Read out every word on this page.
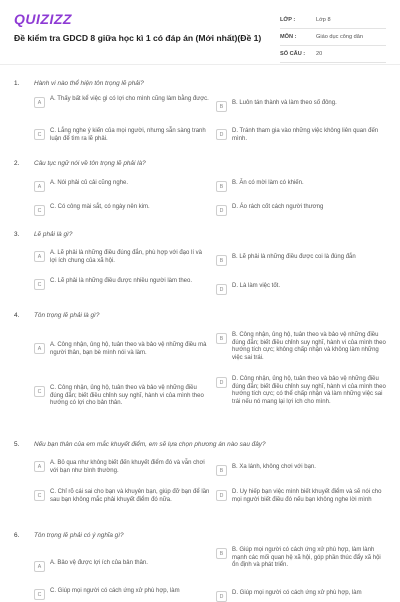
QUIZIZZ
Đề kiểm tra GDCD 8 giữa học kì 1 có đáp án (Mới nhất)(Đề 1)
LỚP :	Lớp 8
MÔN :	Giáo dục công dân
SỐ CÂU :	20
1. Hành vi nào thể hiện tôn trọng lẽ phải?
A
A. Thấy bất kể việc gì có lợi cho mình cũng làm bằng được.
B
B. Luôn tán thành và làm theo số đông.
C
C. Lắng nghe ý kiến của mọi người, nhưng sẵn sàng tranh luận để tìm ra lẽ phải.
D
D. Tránh tham gia vào những việc không liên quan đến mình.
2. Câu tục ngữ nói về tôn trọng lẽ phải là?
A
A. Nói phải củ cải cũng nghe.
B
B. Ăn có mời làm có khiến.
C
C. Có công mài sắt, có ngày nên kim.
D
D. Áo rách cốt cách người thương
3. Lẽ phải là gì?
A
A. Lẽ phải là những điều đúng đắn, phù hợp với đạo lí và lợi ích chung của xã hội.	B
B. Lẽ phải là những điều được coi là đúng đắn
C
C. Lẽ phải là những điều được nhiều người làm theo.
D
D. Là làm việc tốt.
4. Tôn trọng lẽ phải là gì?
A
A. Công nhận, ủng hộ, tuân theo và bảo vệ những điều mà người thân, bạn bè mình nói và làm.
B
B. Công nhận, ủng hộ, tuân theo và bảo vệ những điều đúng đắn; biết điều chỉnh suy nghĩ, hành vi của mình theo hướng tích cực; không chấp nhận và không làm những việc sai trái.
C
C. Công nhận, ủng hộ, tuân theo và bảo vệ những điều đúng đắn; biết điều chỉnh suy nghĩ, hành vi của mình theo hướng có lợi cho bản thân.
D
D. Công nhận, ủng hộ, tuân theo và bảo vệ những điều đúng đắn; biết điều chỉnh suy nghĩ, hành vi của mình theo hướng tích cực; có thể chấp nhận và làm những việc sai trái nếu nó mang lại lợi ích cho mình.
5. Nếu bạn thân của em mắc khuyết điểm, em sẽ lựa chọn phương án nào sau đây?
A
A. Bỏ qua như không biết đến khuyết điểm đó và vẫn chơi với bạn như bình thường.	B
B. Xa lánh, không chơi với bạn.
C
C. Chỉ rõ cái sai cho bạn và khuyên bạn, giúp đỡ bạn để lần sau bạn không mắc phải khuyết điểm đó nữa.
D
D. Uy hiếp bạn việc mình biết khuyết điểm và sẽ nói cho mọi người biết điều đó nếu bạn không nghe lời mình
6. Tôn trọng lẽ phải có ý nghĩa gì?
A
A. Bảo vệ được lợi ích của bản thân.
B
B. Giúp mọi người có cách ứng xử phù hợp, làm lành mạnh các mối quan hệ xã hội, góp phần thúc đẩy xã hội ổn định và phát triển.
C
C. Giúp mọi người có cách ứng xử phù hợp, làm
D
D. Giúp mọi người có cách ứng xử phù hợp, làm
